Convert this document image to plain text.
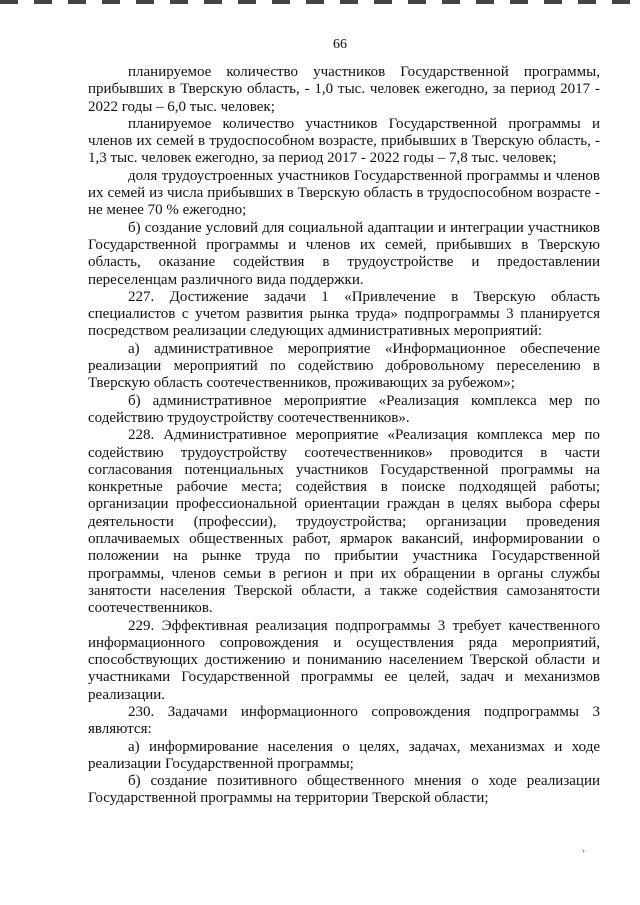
66

планируемое количество участников Государственной программы, прибывших в Тверскую область, - 1,0 тыс. человек ежегодно, за период 2017 - 2022 годы – 6,0 тыс. человек;

планируемое количество участников Государственной программы и членов их семей в трудоспособном возрасте, прибывших в Тверскую область, - 1,3 тыс. человек ежегодно, за период 2017 - 2022 годы – 7,8 тыс. человек;

доля трудоустроенных участников Государственной программы и членов их семей из числа прибывших в Тверскую область в трудоспособном возрасте - не менее 70 % ежегодно;

б) создание условий для социальной адаптации и интеграции участников Государственной программы и членов их семей, прибывших в Тверскую область, оказание содействия в трудоустройстве и предоставлении переселенцам различного вида поддержки.

227. Достижение задачи 1 «Привлечение в Тверскую область специалистов с учетом развития рынка труда» подпрограммы 3 планируется посредством реализации следующих административных мероприятий:

а) административное мероприятие «Информационное обеспечение реализации мероприятий по содействию добровольному переселению в Тверскую область соотечественников, проживающих за рубежом»;

б) административное мероприятие «Реализация комплекса мер по содействию трудоустройству соотечественников».

228. Административное мероприятие «Реализация комплекса мер по содействию трудоустройству соотечественников» проводится в части согласования потенциальных участников Государственной программы на конкретные рабочие места; содействия в поиске подходящей работы; организации профессиональной ориентации граждан в целях выбора сферы деятельности (профессии), трудоустройства; организации проведения оплачиваемых общественных работ, ярмарок вакансий, информировании о положении на рынке труда по прибытии участника Государственной программы, членов семьи в регион и при их обращении в органы службы занятости населения Тверской области, а также содействия самозанятости соотечественников.

229. Эффективная реализация подпрограммы 3 требует качественного информационного сопровождения и осуществления ряда мероприятий, способствующих достижению и пониманию населением Тверской области и участниками Государственной программы ее целей, задач и механизмов реализации.

230. Задачами информационного сопровождения подпрограммы 3 являются:

а) информирование населения о целях, задачах, механизмах и ходе реализации Государственной программы;

б) создание позитивного общественного мнения о ходе реализации Государственной программы на территории Тверской области;

‚
